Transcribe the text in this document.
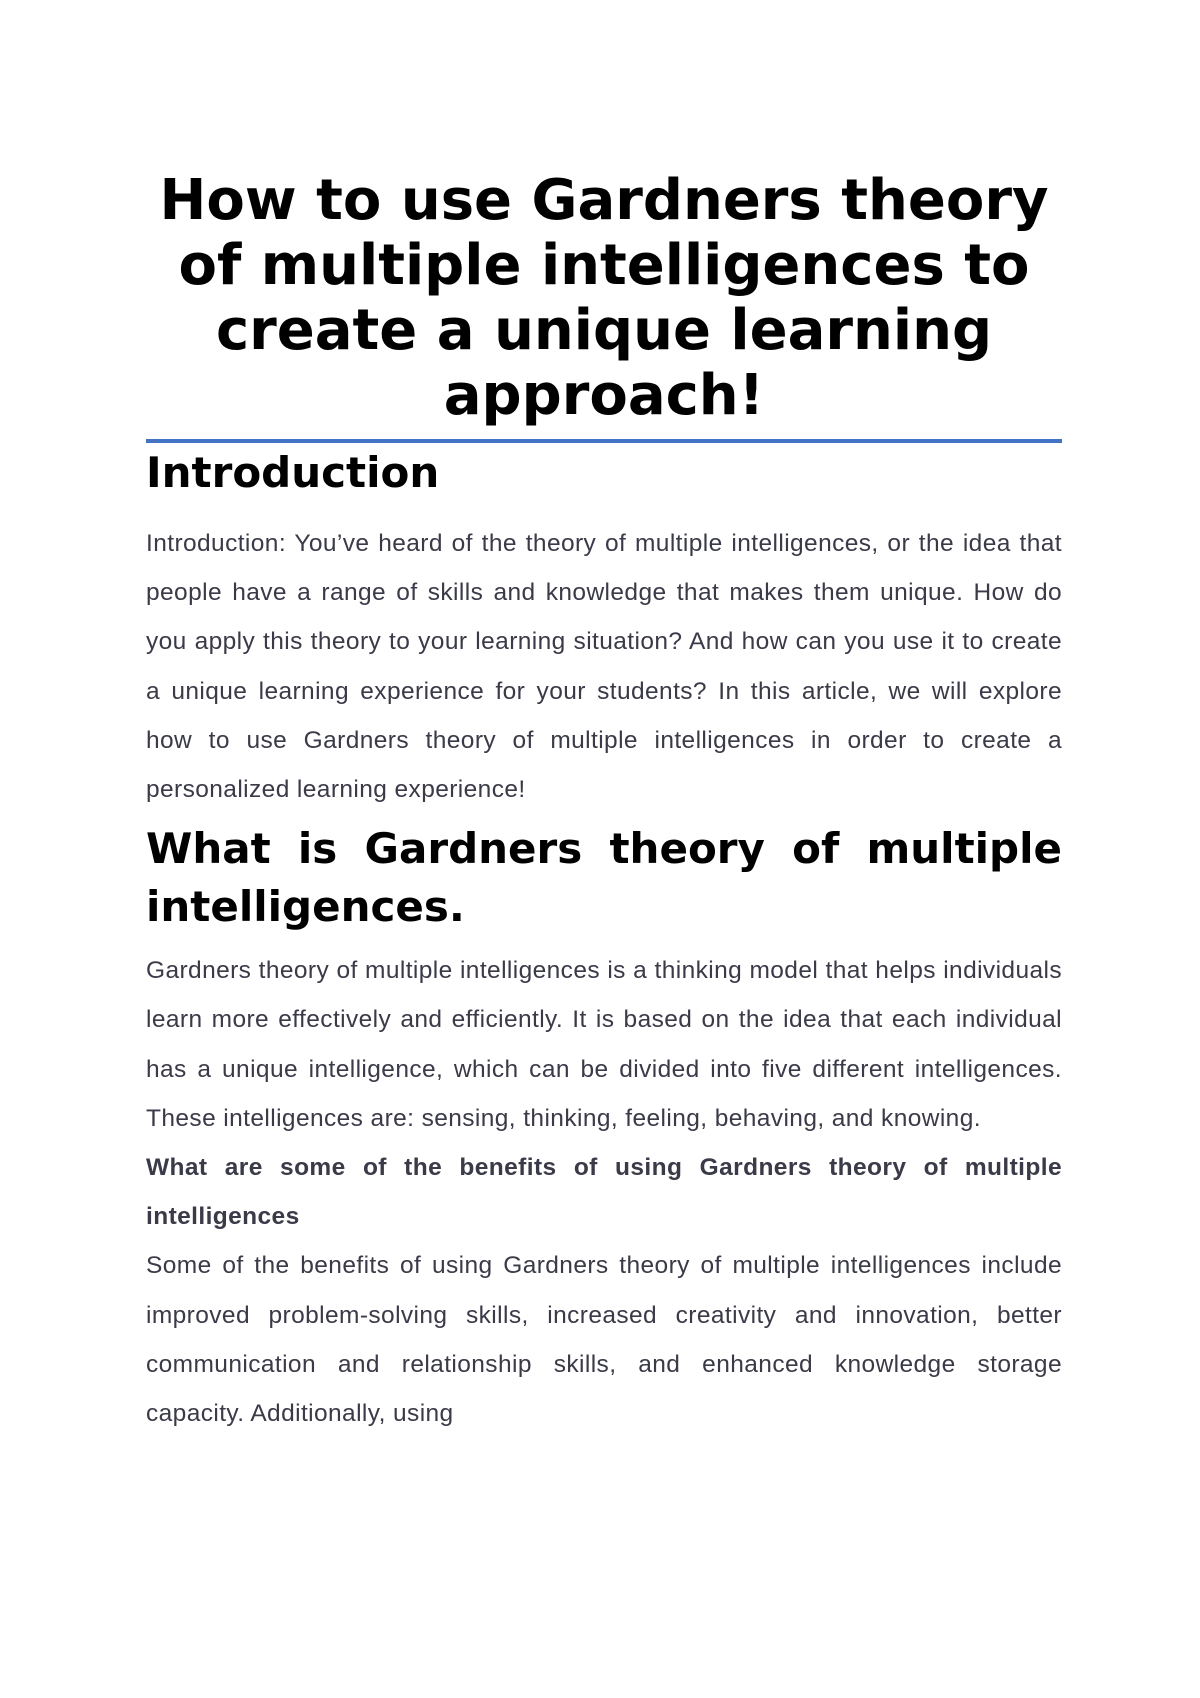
How to use Gardners theory of multiple intelligences to create a unique learning approach!
Introduction

Introduction: You’ve heard of the theory of multiple intelligences, or the idea that people have a range of skills and knowledge that makes them unique. How do you apply this theory to your learning situation? And how can you use it to create a unique learning experience for your students? In this article, we will explore how to use Gardners theory of multiple intelligences in order to create a personalized learning experience!

What is Gardners theory of multiple intelligences.

Gardners theory of multiple intelligences is a thinking model that helps individuals learn more effectively and efficiently. It is based on the idea that each individual has a unique intelligence, which can be divided into five different intelligences. These intelligences are: sensing, thinking, feeling, behaving, and knowing.

What are some of the benefits of using Gardners theory of multiple intelligences

Some of the benefits of using Gardners theory of multiple intelligences include improved problem-solving skills, increased creativity and innovation, better communication and relationship skills, and enhanced knowledge storage capacity. Additionally, using
